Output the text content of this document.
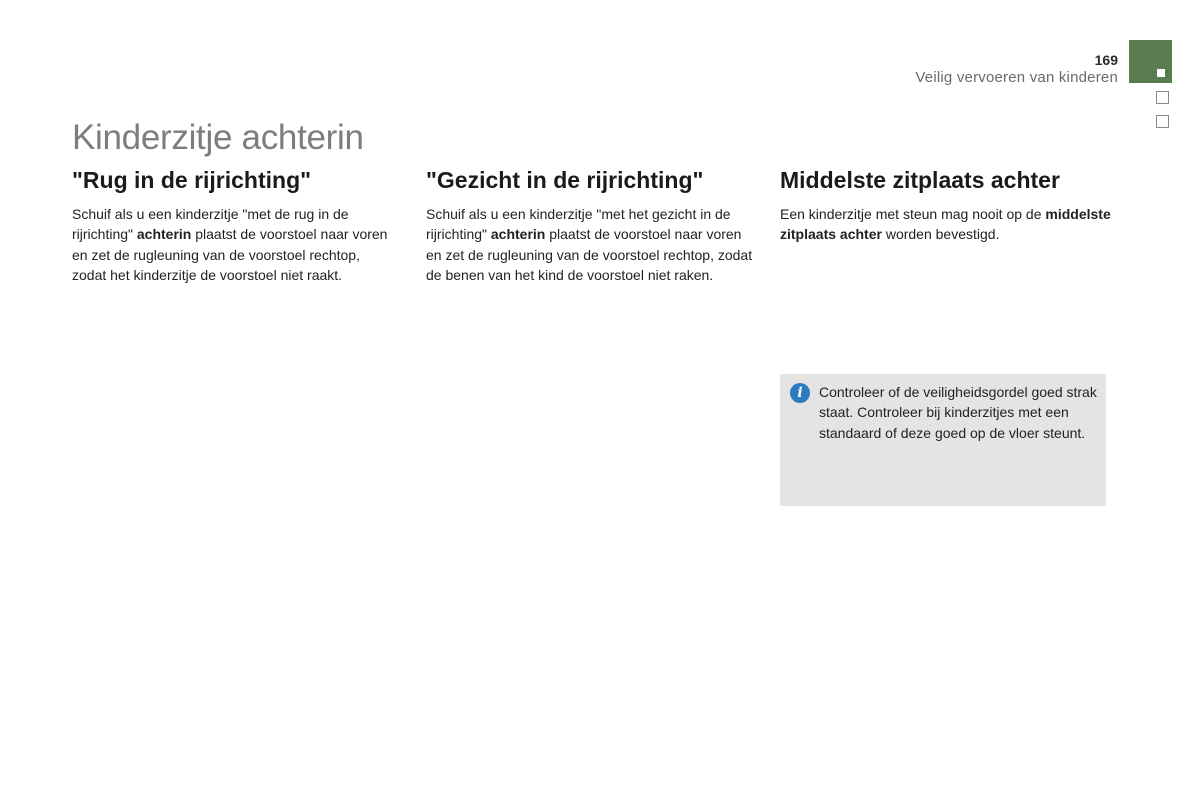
169
Veilig vervoeren van kinderen
Kinderzitje achterin
"Rug in de rijrichting"

Schuif als u een kinderzitje "met de rug in de rijrichting" achterin plaatst de voorstoel naar voren en zet de rugleuning van de voorstoel rechtop, zodat het kinderzitje de voorstoel niet raakt.

"Gezicht in de rijrichting"

Schuif als u een kinderzitje "met het gezicht in de rijrichting" achterin plaatst de voorstoel naar voren en zet de rugleuning van de voorstoel rechtop, zodat de benen van het kind de voorstoel niet raken.

Middelste zitplaats achter

Een kinderzitje met steun mag nooit op de middelste zitplaats achter worden bevestigd.

i	Controleer of de veiligheidsgordel goed strak staat. Controleer bij kinderzitjes met een standaard of deze goed op de vloer steunt.
